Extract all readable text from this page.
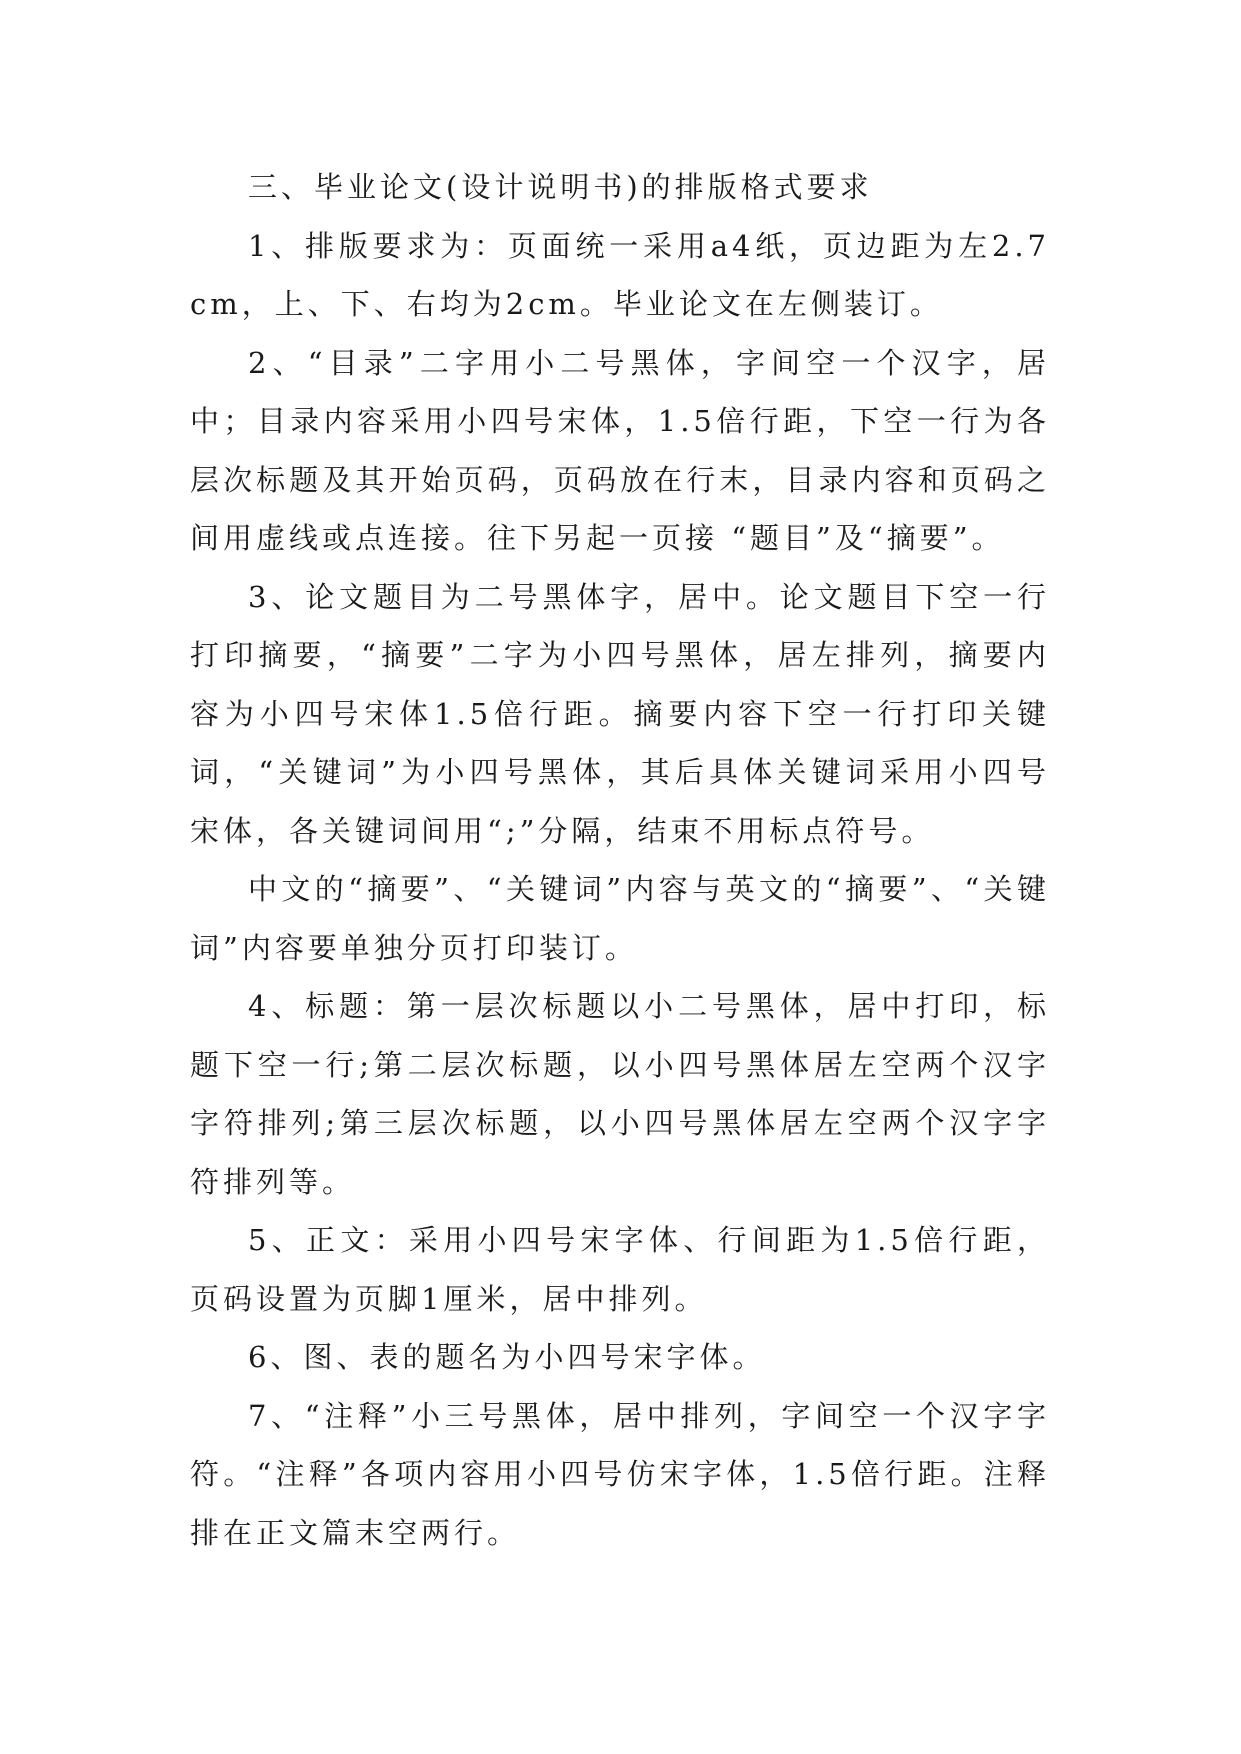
三、毕业论文(设计说明书)的排版格式要求

1、排版要求为：页面统一采用a4纸，页边距为左2.7cm，上、下、右均为2cm。毕业论文在左侧装订。

2、“目录”二字用小二号黑体，字间空一个汉字，居中；目录内容采用小四号宋体，1.5倍行距，下空一行为各层次标题及其开始页码，页码放在行末，目录内容和页码之间用虚线或点连接。往下另起一页接 “题目”及“摘要”。

3、论文题目为二号黑体字，居中。论文题目下空一行打印摘要，“摘要”二字为小四号黑体，居左排列，摘要内容为小四号宋体1.5倍行距。摘要内容下空一行打印关键词，“关键词”为小四号黑体，其后具体关键词采用小四号宋体，各关键词间用“;”分隔，结束不用标点符号。

中文的“摘要”、“关键词”内容与英文的“摘要”、“关键词”内容要单独分页打印装订。

4、标题：第一层次标题以小二号黑体，居中打印，标题下空一行;第二层次标题，以小四号黑体居左空两个汉字字符排列;第三层次标题，以小四号黑体居左空两个汉字字符排列等。

5、正文：采用小四号宋字体、行间距为1.5倍行距，页码设置为页脚1厘米，居中排列。

6、图、表的题名为小四号宋字体。

7、“注释”小三号黑体，居中排列，字间空一个汉字字符。“注释”各项内容用小四号仿宋字体，1.5倍行距。注释排在正文篇末空两行。
